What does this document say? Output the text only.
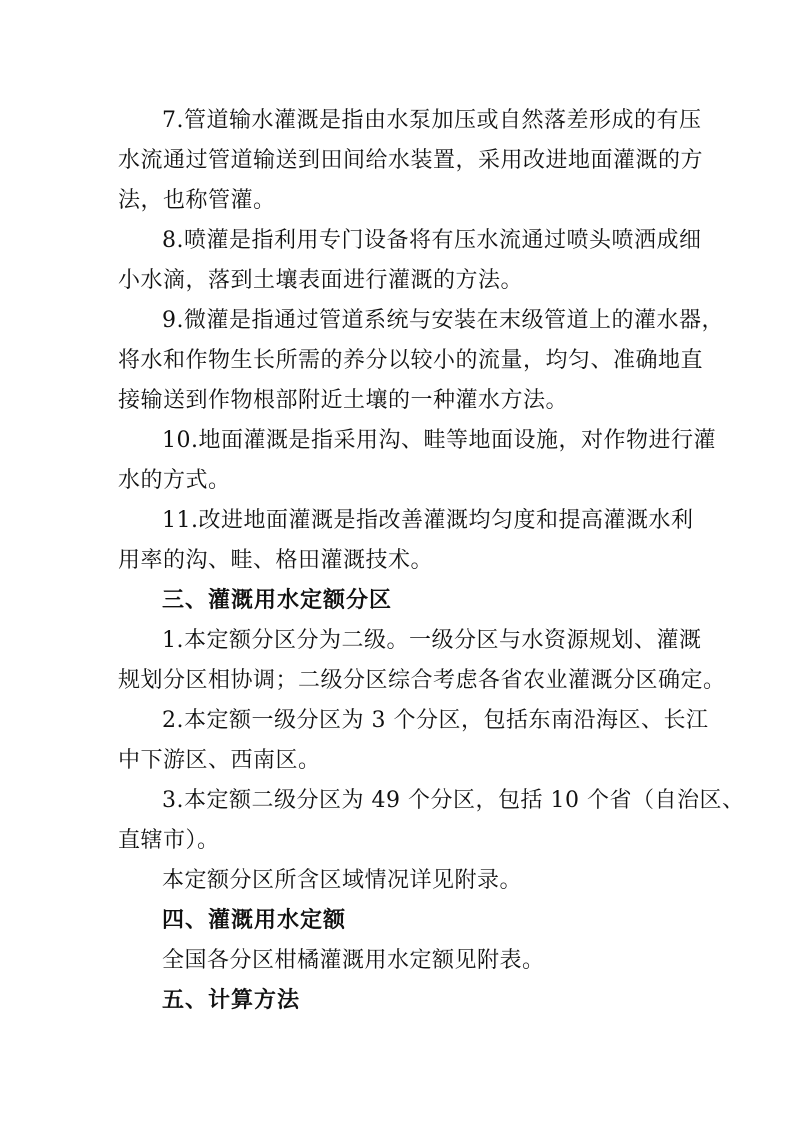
7.管道输水灌溉是指由水泵加压或自然落差形成的有压
水流通过管道输送到田间给水装置，采用改进地面灌溉的方
法，也称管灌。
8.喷灌是指利用专门设备将有压水流通过喷头喷洒成细
小水滴，落到土壤表面进行灌溉的方法。
9.微灌是指通过管道系统与安装在末级管道上的灌水器，
将水和作物生长所需的养分以较小的流量，均匀、准确地直
接输送到作物根部附近土壤的一种灌水方法。
10.地面灌溉是指采用沟、畦等地面设施，对作物进行灌
水的方式。
11.改进地面灌溉是指改善灌溉均匀度和提高灌溉水利
用率的沟、畦、格田灌溉技术。
三、灌溉用水定额分区
1.本定额分区分为二级。一级分区与水资源规划、灌溉
规划分区相协调；二级分区综合考虑各省农业灌溉分区确定。
2.本定额一级分区为 3 个分区，包括东南沿海区、长江
中下游区、西南区。
3.本定额二级分区为 49 个分区，包括 10 个省（自治区、
直辖市）。
本定额分区所含区域情况详见附录。
四、灌溉用水定额
全国各分区柑橘灌溉用水定额见附表。
五、计算方法
